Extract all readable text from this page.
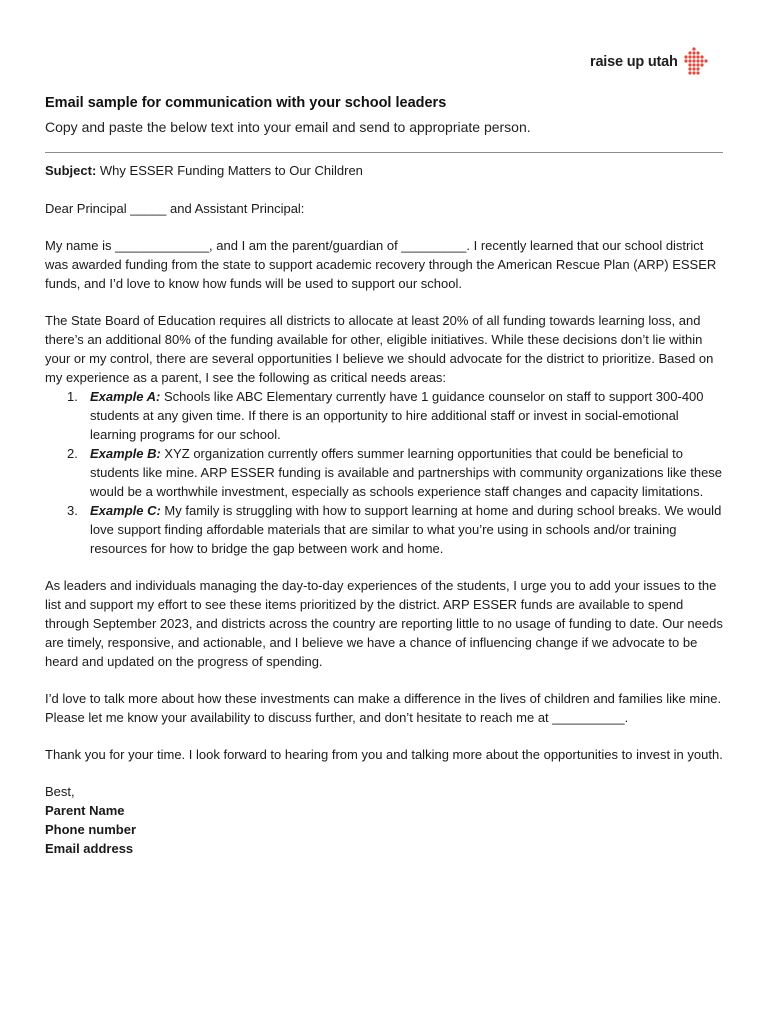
raise up utah
Email sample for communication with your school leaders
Copy and paste the below text into your email and send to appropriate person.
Subject: Why ESSER Funding Matters to Our Children

Dear Principal _____ and Assistant Principal:

My name is _____________, and I am the parent/guardian of _________. I recently learned that our school district was awarded funding from the state to support academic recovery through the American Rescue Plan (ARP) ESSER funds, and I’d love to know how funds will be used to support our school.

The State Board of Education requires all districts to allocate at least 20% of all funding towards learning loss, and there’s an additional 80% of the funding available for other, eligible initiatives. While these decisions don’t lie within your or my control, there are several opportunities I believe we should advocate for the district to prioritize. Based on my experience as a parent, I see the following as critical needs areas:

1. Example A: Schools like ABC Elementary currently have 1 guidance counselor on staff to support 300-400 students at any given time. If there is an opportunity to hire additional staff or invest in social-emotional learning programs for our school.
2. Example B: XYZ organization currently offers summer learning opportunities that could be beneficial to students like mine. ARP ESSER funding is available and partnerships with community organizations like these would be a worthwhile investment, especially as schools experience staff changes and capacity limitations.
3. Example C: My family is struggling with how to support learning at home and during school breaks. We would love support finding affordable materials that are similar to what you’re using in schools and/or training resources for how to bridge the gap between work and home.

As leaders and individuals managing the day-to-day experiences of the students, I urge you to add your issues to the list and support my effort to see these items prioritized by the district. ARP ESSER funds are available to spend through September 2023, and districts across the country are reporting little to no usage of funding to date. Our needs are timely, responsive, and actionable, and I believe we have a chance of influencing change if we advocate to be heard and updated on the progress of spending.

I’d love to talk more about how these investments can make a difference in the lives of children and families like mine. Please let me know your availability to discuss further, and don’t hesitate to reach me at __________.

Thank you for your time. I look forward to hearing from you and talking more about the opportunities to invest in youth.

Best,
Parent Name
Phone number
Email address
